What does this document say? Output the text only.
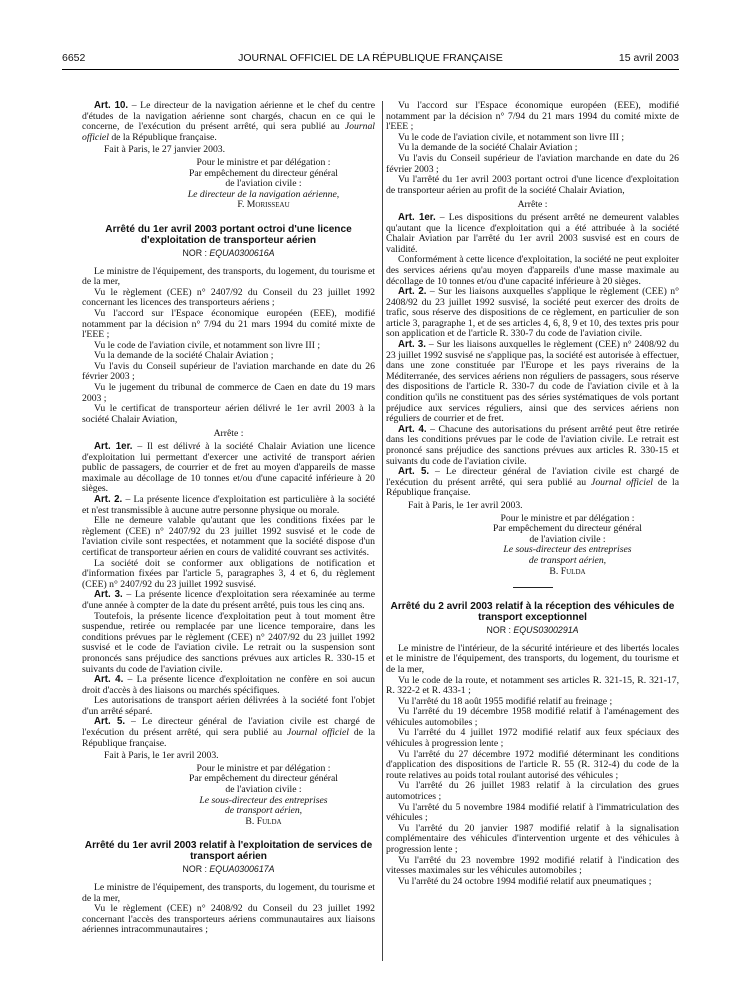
6652	JOURNAL OFFICIEL DE LA RÉPUBLIQUE FRANÇAISE	15 avril 2003

Art. 10. – Le directeur de la navigation aérienne et le chef du centre d'études de la navigation aérienne sont chargés, chacun en ce qui le concerne, de l'exécution du présent arrêté, qui sera publié au Journal officiel de la République française.

Fait à Paris, le 27 janvier 2003.

Pour le ministre et par délégation :
Par empêchement du directeur général
de l'aviation civile :
Le directeur de la navigation aérienne,
F. Morisseau
Arrêté du 1er avril 2003 portant octroi d'une licence d'exploitation de transporteur aérien

NOR : EQUA0300616A

Le ministre de l'équipement, des transports, du logement, du tourisme et de la mer,

Vu le règlement (CEE) n° 2407/92 du Conseil du 23 juillet 1992 concernant les licences des transporteurs aériens ;

Vu l'accord sur l'Espace économique européen (EEE), modifié notamment par la décision n° 7/94 du 21 mars 1994 du comité mixte de l'EEE ;

Vu le code de l'aviation civile, et notamment son livre III ;

Vu la demande de la société Chalair Aviation ;

Vu l'avis du Conseil supérieur de l'aviation marchande en date du 26 février 2003 ;

Vu le jugement du tribunal de commerce de Caen en date du 19 mars 2003 ;

Vu le certificat de transporteur aérien délivré le 1er avril 2003 à la société Chalair Aviation,

Arrête :

Art. 1er. – Il est délivré à la société Chalair Aviation une licence d'exploitation lui permettant d'exercer une activité de transport aérien public de passagers, de courrier et de fret au moyen d'appareils de masse maximale au décollage de 10 tonnes et/ou d'une capacité inférieure à 20 sièges.

Art. 2. – La présente licence d'exploitation est particulière à la société et n'est transmissible à aucune autre personne physique ou morale.

Elle ne demeure valable qu'autant que les conditions fixées par le règlement (CEE) n° 2407/92 du 23 juillet 1992 susvisé et le code de l'aviation civile sont respectées, et notamment que la société dispose d'un certificat de transporteur aérien en cours de validité couvrant ses activités.

La société doit se conformer aux obligations de notification et d'information fixées par l'article 5, paragraphes 3, 4 et 6, du règlement (CEE) n° 2407/92 du 23 juillet 1992 susvisé.

Art. 3. – La présente licence d'exploitation sera réexaminée au terme d'une année à compter de la date du présent arrêté, puis tous les cinq ans.

Toutefois, la présente licence d'exploitation peut à tout moment être suspendue, retirée ou remplacée par une licence temporaire, dans les conditions prévues par le règlement (CEE) n° 2407/92 du 23 juillet 1992 susvisé et le code de l'aviation civile. Le retrait ou la suspension sont prononcés sans préjudice des sanctions prévues aux articles R. 330-15 et suivants du code de l'aviation civile.

Art. 4. – La présente licence d'exploitation ne confère en soi aucun droit d'accès à des liaisons ou marchés spécifiques.

Les autorisations de transport aérien délivrées à la société font l'objet d'un arrêté séparé.

Art. 5. – Le directeur général de l'aviation civile est chargé de l'exécution du présent arrêté, qui sera publié au Journal officiel de la République française.

Fait à Paris, le 1er avril 2003.

Pour le ministre et par délégation :
Par empêchement du directeur général
de l'aviation civile :
Le sous-directeur des entreprises
de transport aérien,
B. Fulda
Arrêté du 1er avril 2003 relatif à l'exploitation de services de transport aérien

NOR : EQUA0300617A

Le ministre de l'équipement, des transports, du logement, du tourisme et de la mer,

Vu le règlement (CEE) n° 2408/92 du Conseil du 23 juillet 1992 concernant l'accès des transporteurs aériens communautaires aux liaisons aériennes intracommunautaires ;

Vu l'accord sur l'Espace économique européen (EEE), modifié notamment par la décision n° 7/94 du 21 mars 1994 du comité mixte de l'EEE ;

Vu le code de l'aviation civile, et notamment son livre III ;

Vu la demande de la société Chalair Aviation ;

Vu l'avis du Conseil supérieur de l'aviation marchande en date du 26 février 2003 ;

Vu l'arrêté du 1er avril 2003 portant octroi d'une licence d'exploitation de transporteur aérien au profit de la société Chalair Aviation,

Arrête :

Art. 1er. – Les dispositions du présent arrêté ne demeurent valables qu'autant que la licence d'exploitation qui a été attribuée à la société Chalair Aviation par l'arrêté du 1er avril 2003 susvisé est en cours de validité.

Conformément à cette licence d'exploitation, la société ne peut exploiter des services aériens qu'au moyen d'appareils d'une masse maximale au décollage de 10 tonnes et/ou d'une capacité inférieure à 20 sièges.

Art. 2. – Sur les liaisons auxquelles s'applique le règlement (CEE) n° 2408/92 du 23 juillet 1992 susvisé, la société peut exercer des droits de trafic, sous réserve des dispositions de ce règlement, en particulier de son article 3, paragraphe 1, et de ses articles 4, 6, 8, 9 et 10, des textes pris pour son application et de l'article R. 330-7 du code de l'aviation civile.

Art. 3. – Sur les liaisons auxquelles le règlement (CEE) n° 2408/92 du 23 juillet 1992 susvisé ne s'applique pas, la société est autorisée à effectuer, dans une zone constituée par l'Europe et les pays riverains de la Méditerranée, des services aériens non réguliers de passagers, sous réserve des dispositions de l'article R. 330-7 du code de l'aviation civile et à la condition qu'ils ne constituent pas des séries systématiques de vols portant préjudice aux services réguliers, ainsi que des services aériens non réguliers de courrier et de fret.

Art. 4. – Chacune des autorisations du présent arrêté peut être retirée dans les conditions prévues par le code de l'aviation civile. Le retrait est prononcé sans préjudice des sanctions prévues aux articles R. 330-15 et suivants du code de l'aviation civile.

Art. 5. – Le directeur général de l'aviation civile est chargé de l'exécution du présent arrêté, qui sera publié au Journal officiel de la République française.

Fait à Paris, le 1er avril 2003.

Pour le ministre et par délégation :
Par empêchement du directeur général
de l'aviation civile :
Le sous-directeur des entreprises
de transport aérien,
B. Fulda
Arrêté du 2 avril 2003 relatif à la réception des véhicules de transport exceptionnel

NOR : EQUS0300291A

Le ministre de l'intérieur, de la sécurité intérieure et des libertés locales et le ministre de l'équipement, des transports, du logement, du tourisme et de la mer,

Vu le code de la route, et notamment ses articles R. 321-15, R. 321-17, R. 322-2 et R. 433-1 ;

Vu l'arrêté du 18 août 1955 modifié relatif au freinage ;

Vu l'arrêté du 19 décembre 1958 modifié relatif à l'aménagement des véhicules automobiles ;

Vu l'arrêté du 4 juillet 1972 modifié relatif aux feux spéciaux des véhicules à progression lente ;

Vu l'arrêté du 27 décembre 1972 modifié déterminant les conditions d'application des dispositions de l'article R. 55 (R. 312-4) du code de la route relatives au poids total roulant autorisé des véhicules ;

Vu l'arrêté du 26 juillet 1983 relatif à la circulation des grues automotrices ;

Vu l'arrêté du 5 novembre 1984 modifié relatif à l'immatriculation des véhicules ;

Vu l'arrêté du 20 janvier 1987 modifié relatif à la signalisation complémentaire des véhicules d'intervention urgente et des véhicules à progression lente ;

Vu l'arrêté du 23 novembre 1992 modifié relatif à l'indication des vitesses maximales sur les véhicules automobiles ;

Vu l'arrêté du 24 octobre 1994 modifié relatif aux pneumatiques ;
